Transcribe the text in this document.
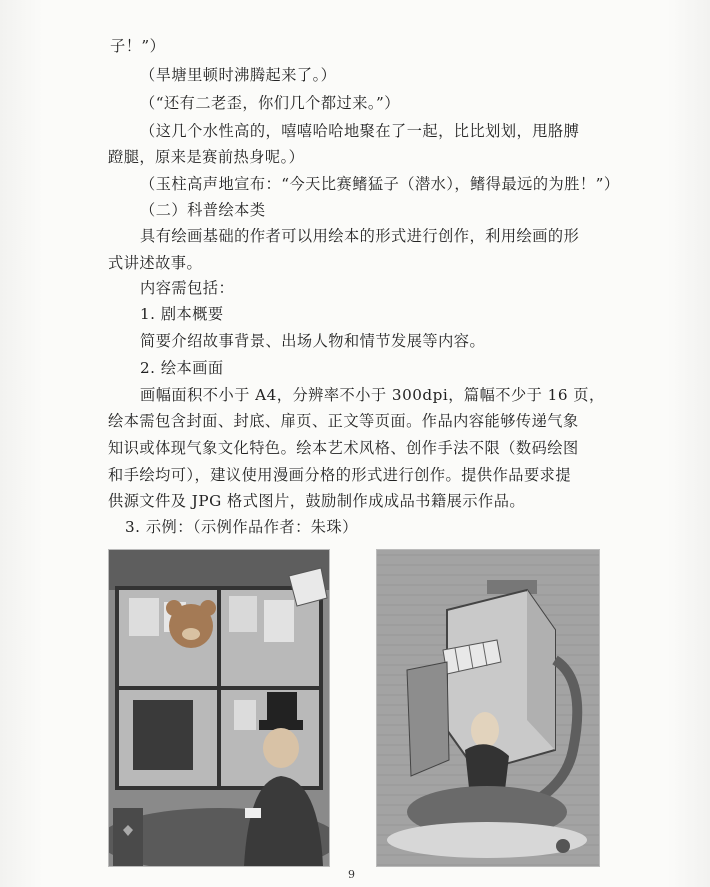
子！”）
（旱塘里顿时沸腾起来了。）
（“还有二老歪，你们几个都过来。”）
（这几个水性高的，嘻嘻哈哈地聚在了一起，比比划划，甩胳膊
蹬腿，原来是赛前热身呢。）
（玉柱高声地宣布：“今天比赛鳍猛子（潜水），鳍得最远的为胜！”）
（二）科普绘本类
具有绘画基础的作者可以用绘本的形式进行创作，利用绘画的形
式讲述故事。
内容需包括：
1. 剧本概要
简要介绍故事背景、出场人物和情节发展等内容。
2. 绘本画面
画幅面积不小于 A4，分辨率不小于 300dpi，篇幅不少于 16 页，
绘本需包含封面、封底、扉页、正文等页面。作品内容能够传递气象
知识或体现气象文化特色。绘本艺术风格、创作手法不限（数码绘图
和手绘均可），建议使用漫画分格的形式进行创作。提供作品要求提
供源文件及 JPG 格式图片，鼓励制作成成品书籍展示作品。
3. 示例：（示例作品作者：朱珠）
9
